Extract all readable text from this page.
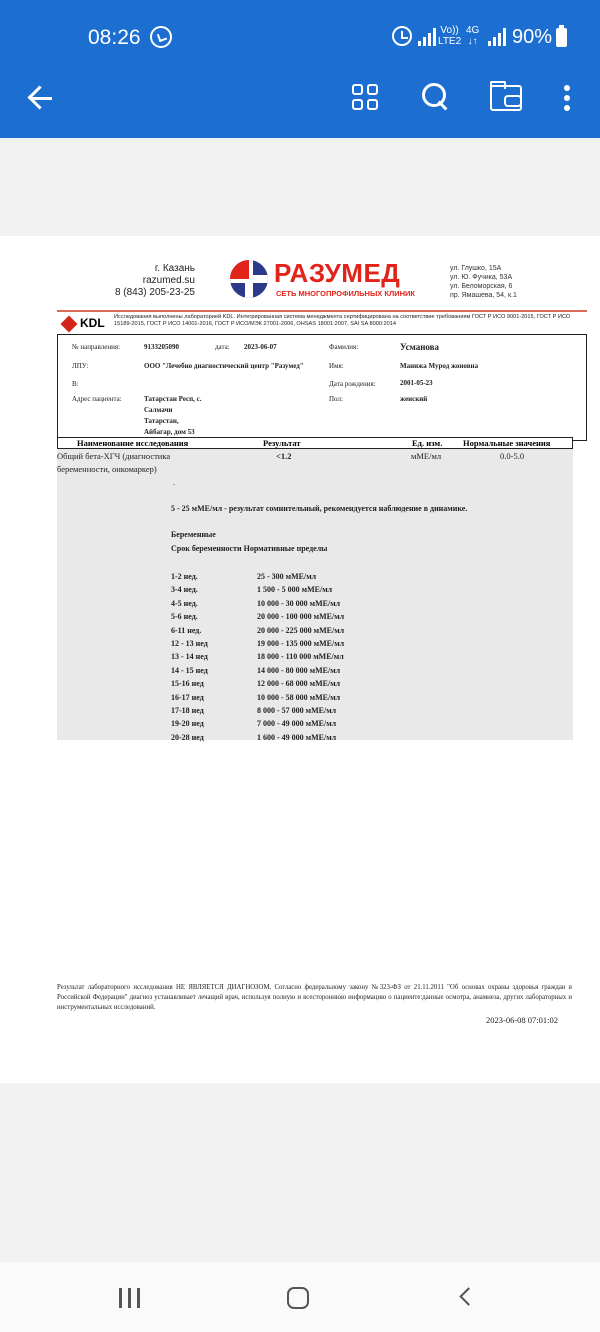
08:26	Vo))
LTE2
4G
↓↑ 90%
г. Казань
razumed.su
8 (843) 205-23-25
РАЗУМЕД
СЕТЬ МНОГОПРОФИЛЬНЫХ КЛИНИК
ул. Глушко, 15А
ул. Ю. Фучика, 53А
ул. Беломорская, 6
пр. Ямашева, 54, к.1
KDL Исследования выполнены лабораторией KDL. Интегрированная система менеджмента сертифицирована на соответствие требованиям ГОСТ Р ИСО 9001-2015, ГОСТ Р ИСО 15189-2015, ГОСТ Р ИСО 14001-2016, ГОСТ Р ИСО/МЭК 27001-2006, OHSAS 18001:2007, SAI SA 8000:2014
№ направления:	9133205090	дата: 2023-06-07	Фамилия:	Усманова
ЛПУ:	ООО "Лечебно диагностический центр "Разумед"	Имя:	Манижа Мурод жоновна
В:	Дата рождения:	2001-05-23
Адрес пациента:	Татарстан Респ, с.
Салмачи
Татарстан,
Айбагар, дом 53
Пол:	женский
Наименование исследования	Результат	Ед. изм. Нормальные значения
Общий бета-ХГЧ (диагностика
беременности, онкомаркер)
<1.2	мМЕ/мл	0.0-5.0
.
5 - 25 мМЕ/мл - результат сомнительный, рекомендуется наблюдение в динамике.
Беременные
Срок беременности Нормативные пределы
1-2 нед.	25 - 300 мМЕ/мл
3-4 нед.	1 500 - 5 000 мМЕ/мл
4-5 нед.	10 000 - 30 000 мМЕ/мл
5-6 нед.	20 000 - 100 000 мМЕ/мл
6-11 нед.	20 000 - 225 000 мМЕ/мл
12 - 13 нед	19 000 - 135 000 мМЕ/мл
13 - 14 нед	18 000 - 110 000 мМЕ/мл
14 - 15 нед	14 000 - 80 000 мМЕ/мл
15-16 нед	12 000 - 68 000 мМЕ/мл
16-17 нед	10 000 - 58 000 мМЕ/мл
17-18 нед	8 000 - 57 000 мМЕ/мл
19-20 нед	7 000 - 49 000 мМЕ/мл
20-28 нед	1 600 - 49 000 мМЕ/мл
Результат лабораторного исследования НЕ ЯВЛЯЕТСЯ ДИАГНОЗОМ. Согласно федеральному закону №323-ФЗ от 21.11.2011 "Об основах охраны здоровья граждан в Российской Федерации" диагноз устанавливает лечащий врач, используя полную и всестороннюю информацию о пациенте:данные осмотра, анамнеза, других лабораторных и инструментальных исследований.
2023-06-08 07:01:02
